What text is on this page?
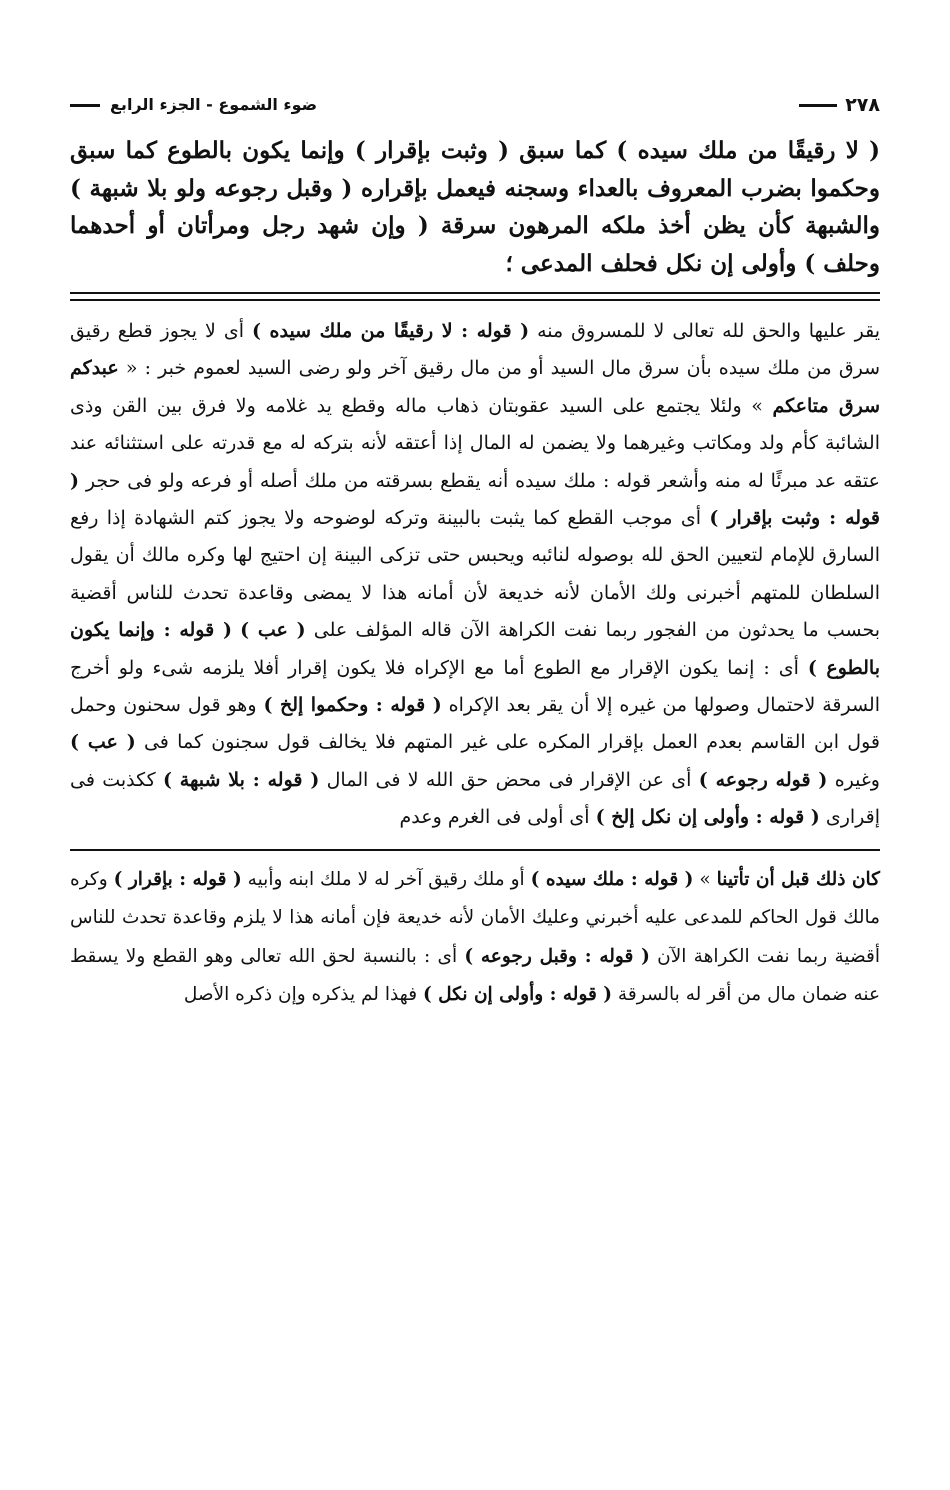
٢٧٨
ضوء الشموع - الجزء الرابع
( لا رقيقًا من ملك سيده ) كما سبق ( وثبت بإقرار ) وإنما يكون بالطوع كما سبق وحكموا بضرب المعروف بالعداء وسجنه فيعمل بإقراره ( وقبل رجوعه ولو بلا شبهة ) والشبهة كأن يظن أخذ ملكه المرهون سرقة ( وإن شهد رجل ومرأتان أو أحدهما وحلف ) وأولى إن نكل فحلف المدعى ؛
يقر عليها والحق لله تعالى لا للمسروق منه ( قوله : لا رقيقًا من ملك سيده ) أى لا يجوز قطع رقيق سرق من ملك سيده بأن سرق مال السيد أو من مال رقيق آخر ولو رضى السيد لعموم خبر : « عبدكم سرق متاعكم » ولئلا يجتمع على السيد عقوبتان ذهاب ماله وقطع يد غلامه ولا فرق بين القن وذى الشائبة كأم ولد ومكاتب وغيرهما ولا يضمن له المال إذا أعتقه لأنه بتركه له مع قدرته على استثنائه عند عتقه عد مبرئًا له منه وأشعر قوله : ملك سيده أنه يقطع بسرقته من ملك أصله أو فرعه ولو فى حجر ( قوله : وثبت بإقرار ) أى موجب القطع كما يثبت بالبينة وتركه لوضوحه ولا يجوز كتم الشهادة إذا رفع السارق للإمام لتعيين الحق لله بوصوله لنائبه ويحبس حتى تزكى البينة إن احتيج لها وكره مالك أن يقول السلطان للمتهم أخبرنى ولك الأمان لأنه خديعة لأن أمانه هذا لا يمضى وقاعدة تحدث للناس أقضية بحسب ما يحدثون من الفجور ربما نفت الكراهة الآن قاله المؤلف على ( عب ) ( قوله : وإنما يكون بالطوع ) أى : إنما يكون الإقرار مع الطوع أما مع الإكراه فلا يكون إقرار أفلا يلزمه شىء ولو أخرج السرقة لاحتمال وصولها من غيره إلا أن يقر بعد الإكراه ( قوله : وحكموا إلخ ) وهو قول سحنون وحمل قول ابن القاسم بعدم العمل بإقرار المكره على غير المتهم فلا يخالف قول سجنون كما فى ( عب ) وغيره ( قوله رجوعه ) أى عن الإقرار فى محض حق الله لا فى المال ( قوله : بلا شبهة ) ككذبت فى إقرارى ( قوله : وأولى إن نكل إلخ ) أى أولى فى الغرم وعدم
كان ذلك قبل أن تأتينا » ( قوله : ملك سيده ) أو ملك رقيق آخر له لا ملك ابنه وأبيه ( قوله : بإقرار ) وكره مالك قول الحاكم للمدعى عليه أخبرني وعليك الأمان لأنه خديعة فإن أمانه هذا لا يلزم وقاعدة تحدث للناس أقضية ربما نفت الكراهة الآن ( قوله : وقبل رجوعه ) أى : بالنسبة لحق الله تعالى وهو القطع ولا يسقط عنه ضمان مال من أقر له بالسرقة ( قوله : وأولى إن نكل ) فهذا لم يذكره وإن ذكره الأصل
